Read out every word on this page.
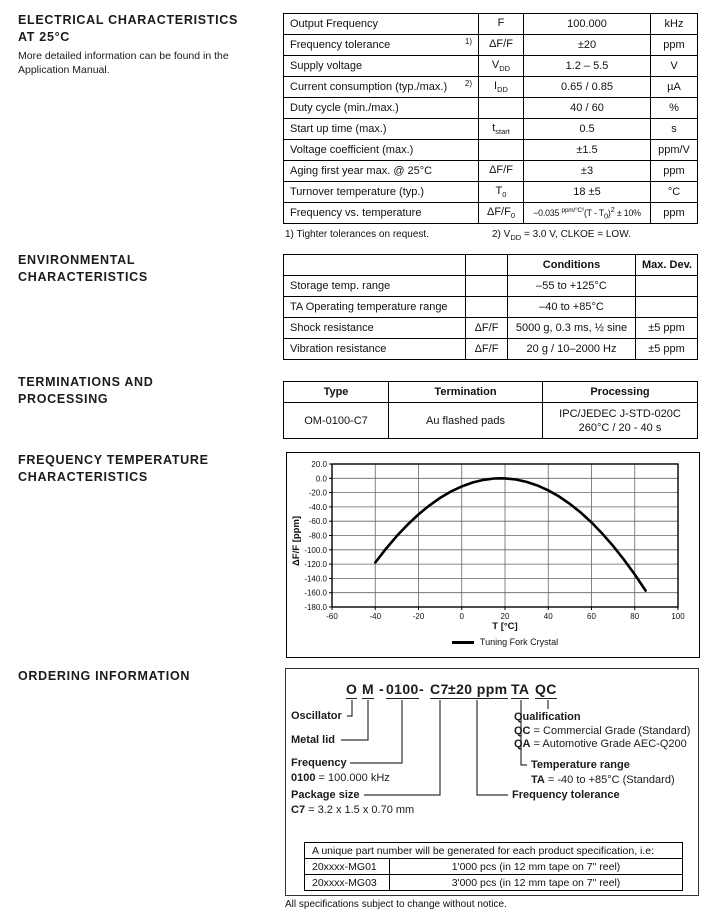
ELECTRICAL CHARACTERISTICS
AT 25°C
More detailed information can be found in the
Application Manual.
ENVIRONMENTAL
CHARACTERISTICS
TERMINATIONS AND
PROCESSING
FREQUENCY TEMPERATURE
CHARACTERISTICS
ORDERING INFORMATION
Output Frequency	F	100.000	kHz

1)
Frequency tolerance	ΔF/F	±20	ppm

Supply voltage	$V_{DD}$	1.2 – 5.5	V

2)
Current consumption (typ./max.)	$I_{DD}$	0.65 / 0.85	µA

Duty cycle (min./max.)		40 / 60	%

Start up time (max.)	$t_{start}$	0.5	s

Voltage coefficient (max.)		±1.5	ppm/V

Aging first year max. @ 25°C	ΔF/F	±3	ppm

Turnover temperature (typ.)	$T_0$	18 ±5	°C

Frequency vs. temperature	$\Delta F/F_0$	−0.035 $^{ppm/^\circ C^2}(T - T_0)^2 \pm 10\%$	ppm
1) Tighter tolerances on request.	2) $V_{DD} = 3.0$ V, CLKOE = LOW.
		Conditions	Max. Dev.
Storage temp. range		–55 to +125°C	
TA Operating temperature range		–40 to +85°C	
Shock resistance	ΔF/F	5000 g, 0.3 ms, ½ sine	±5 ppm
Vibration resistance	ΔF/F	20 g / 10–2000 Hz	±5 ppm
Type	Termination	Processing
OM-0100-C7	Au flashed pads	IPC/JEDEC J-STD-020C
260°C / 20 - 40 s
-60	-40	-20	0	20	40	60	80	100
20.0
0.0
-20.0
-40.0
-60.0
-80.0
-100.0
-120.0
-140.0
-160.0
-180.0
ΔF/F [ppm]
T [°C]
Tuning Fork Crystal
O M - 0100 - C7 ±20 ppm TA QC
Oscillator
Metal lid
Frequency
0100 = 100.000 kHz
Package size
C7 = 3.2 x 1.5 x 0.70 mm
Qualification
QC = Commercial Grade (Standard)
QA = Automotive Grade AEC-Q200
Temperature range
TA = -40 to +85°C (Standard)
Frequency tolerance
A unique part number will be generated for each product specification, i.e:	
20xxxx-MG01	1'000 pcs (in 12 mm tape on 7" reel)
20xxxx-MG03	3'000 pcs (in 12 mm tape on 7" reel)
All specifications subject to change without notice.
